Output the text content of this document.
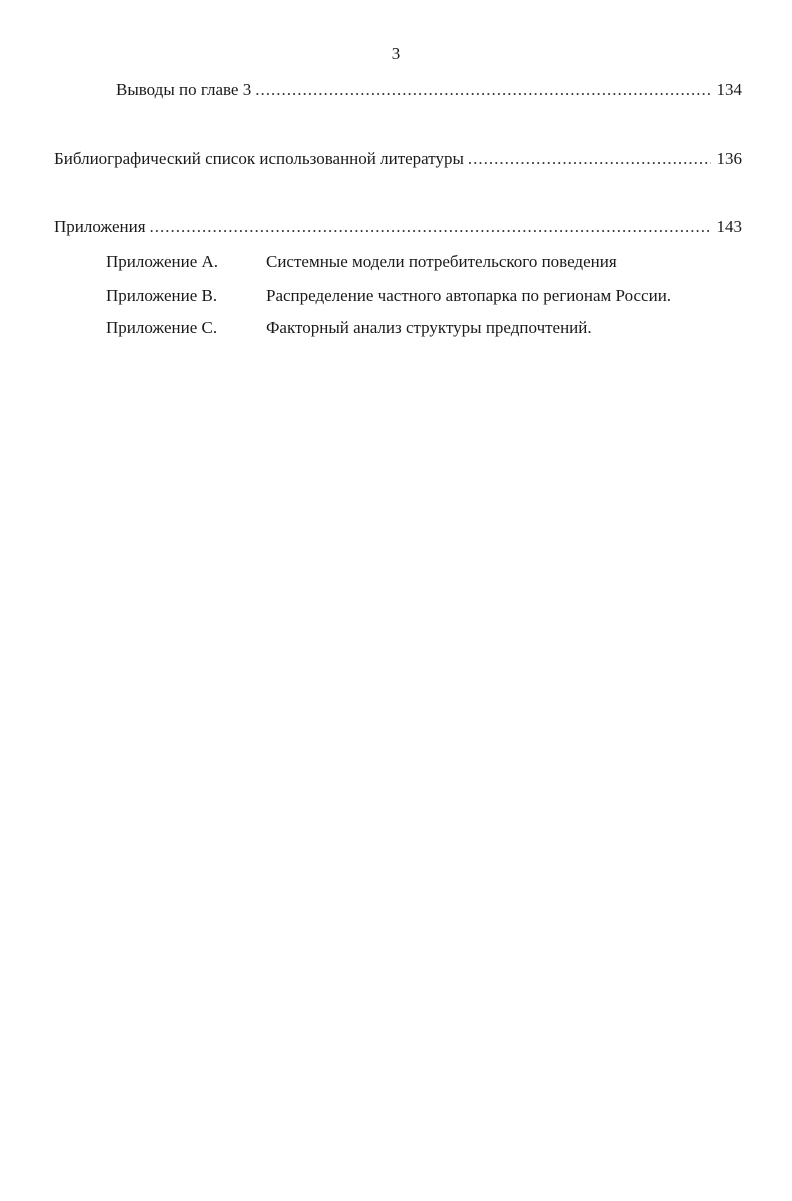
3
Выводы по главе 3 .....	134
Библиографический список использованной литературы .....	136
Приложения .....	143
Приложение А.	Системные модели потребительского поведения
Приложение В.	Распределение частного автопарка по регионам России.
Приложение С.	Факторный анализ структуры предпочтений.
